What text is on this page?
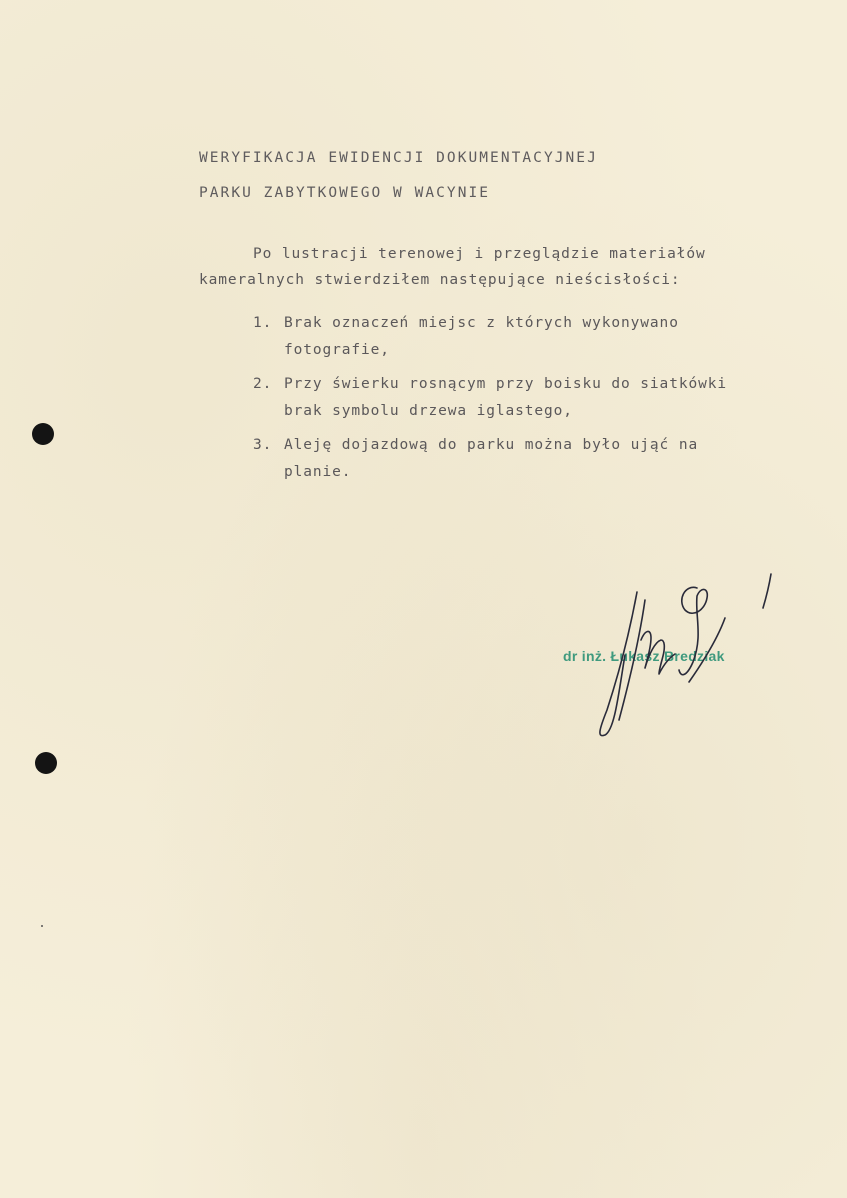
WERYFIKACJA EWIDENCJI DOKUMENTACYJNEJ
PARKU ZABYTKOWEGO W WACYNIE
Po lustracji terenowej i przeglądzie materiałów
kameralnych stwierdziłem następujące nieścisłości:
1. Brak oznaczeń miejsc z których wykonywano
fotografie,
2. Przy świerku rosnącym przy boisku do siatkówki
brak symbolu drzewa iglastego,
3. Aleję dojazdową do parku można było ująć na
planie.
dr inż. Łukasz Bredziak
